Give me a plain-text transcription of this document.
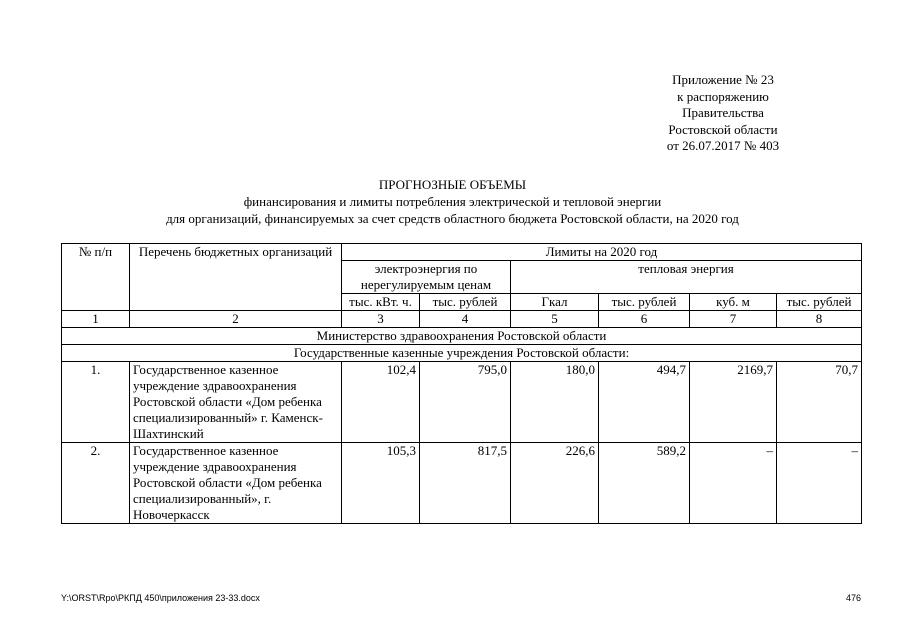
Приложение № 23
к распоряжению
Правительства
Ростовской области
от 26.07.2017 № 403
ПРОГНОЗНЫЕ ОБЪЕМЫ
финансирования и лимиты потребления электрической и тепловой энергии
для организаций, финансируемых за счет средств областного бюджета Ростовской области, на 2020 год
№ п/п	Перечень бюджетных организаций	Лимиты на 2020 год					
		электроэнергия по нерегулируемым ценам		тепловая энергия			
		тыс. кВт. ч.	тыс. рублей	Гкал	тыс. рублей	куб. м	тыс. рублей
1	2	3	4	5	6	7	8
Министерство здравоохранения Ростовской области							
Государственные казенные учреждения Ростовской области:							
1.	Государственное казенное учреждение здравоохранения Ростовской области «Дом ребенка специализированный» г. Каменск-Шахтинский	102,4	795,0	180,0	494,7	2169,7	70,7
2.	Государственное казенное учреждение здравоохранения Ростовской области «Дом ребенка специализированный», г. Новочеркасск	105,3	817,5	226,6	589,2	–	–
Y:\ORST\Rpo\РКПД 450\приложения 23-33.docx	476
